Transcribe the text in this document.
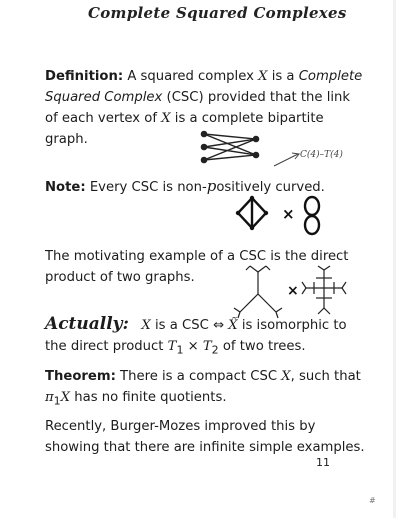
Complete Squared Complexes
Definition: A squared complex X is a Complete Squared Complex (CSC) provided that the link of each vertex of X is a complete bipartite graph.
C(4)–T(4)
Note: Every CSC is non-positively curved.
×
The motivating example of a CSC is the direct product of two graphs.
×
Actually: X is a CSC ⇔ X̃ is isomorphic to the direct product $T_1 \times T_2$ of two trees.
Theorem: There is a compact CSC X, such that $\pi_1X$ has no finite quotients.
Recently, Burger-Mozes improved this by showing that there are infinite simple examples.
11
#
